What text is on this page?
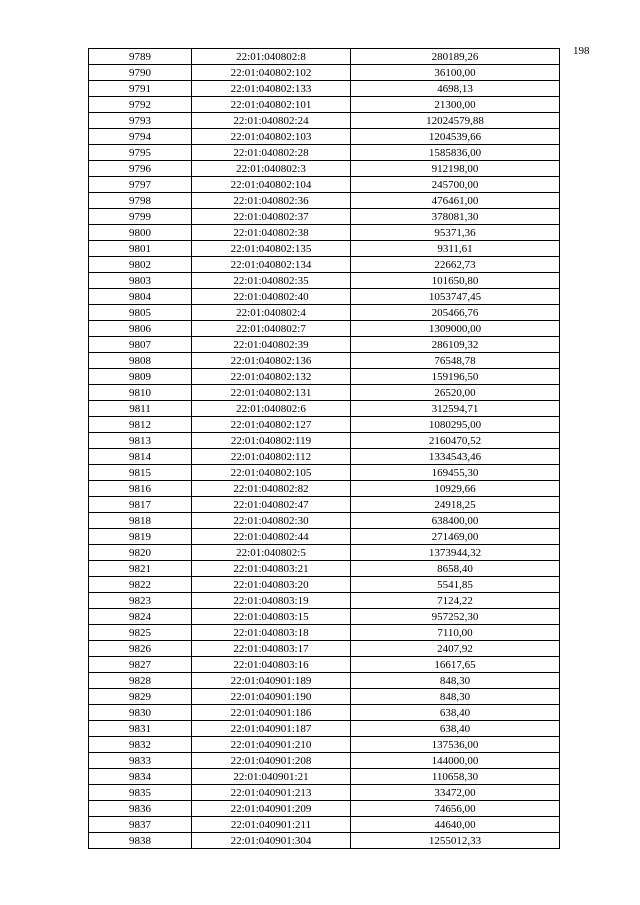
198
9789	22:01:040802:8	280189,26
9790	22:01:040802:102	36100,00
9791	22:01:040802:133	4698,13
9792	22:01:040802:101	21300,00
9793	22:01:040802:24	12024579,88
9794	22:01:040802:103	1204539,66
9795	22:01:040802:28	1585836,00
9796	22:01:040802:3	912198,00
9797	22:01:040802:104	245700,00
9798	22:01:040802:36	476461,00
9799	22:01:040802:37	378081,30
9800	22:01:040802:38	95371,36
9801	22:01:040802:135	9311,61
9802	22:01:040802:134	22662,73
9803	22:01:040802:35	101650,80
9804	22:01:040802:40	1053747,45
9805	22:01:040802:4	205466,76
9806	22:01:040802:7	1309000,00
9807	22:01:040802:39	286109,32
9808	22:01:040802:136	76548,78
9809	22:01:040802:132	159196,50
9810	22:01:040802:131	26520,00
9811	22:01:040802:6	312594,71
9812	22:01:040802:127	1080295,00
9813	22:01:040802:119	2160470,52
9814	22:01:040802:112	1334543,46
9815	22:01:040802:105	169455,30
9816	22:01:040802:82	10929,66
9817	22:01:040802:47	24918,25
9818	22:01:040802:30	638400,00
9819	22:01:040802:44	271469,00
9820	22:01:040802:5	1373944,32
9821	22:01:040803:21	8658,40
9822	22:01:040803:20	5541,85
9823	22:01:040803:19	7124,22
9824	22:01:040803:15	957252,30
9825	22:01:040803:18	7110,00
9826	22:01:040803:17	2407,92
9827	22:01:040803:16	16617,65
9828	22:01:040901:189	848,30
9829	22:01:040901:190	848,30
9830	22:01:040901:186	638,40
9831	22:01:040901:187	638,40
9832	22:01:040901:210	137536,00
9833	22:01:040901:208	144000,00
9834	22:01:040901:21	110658,30
9835	22:01:040901:213	33472,00
9836	22:01:040901:209	74656,00
9837	22:01:040901:211	44640,00
9838	22:01:040901:304	1255012,33
